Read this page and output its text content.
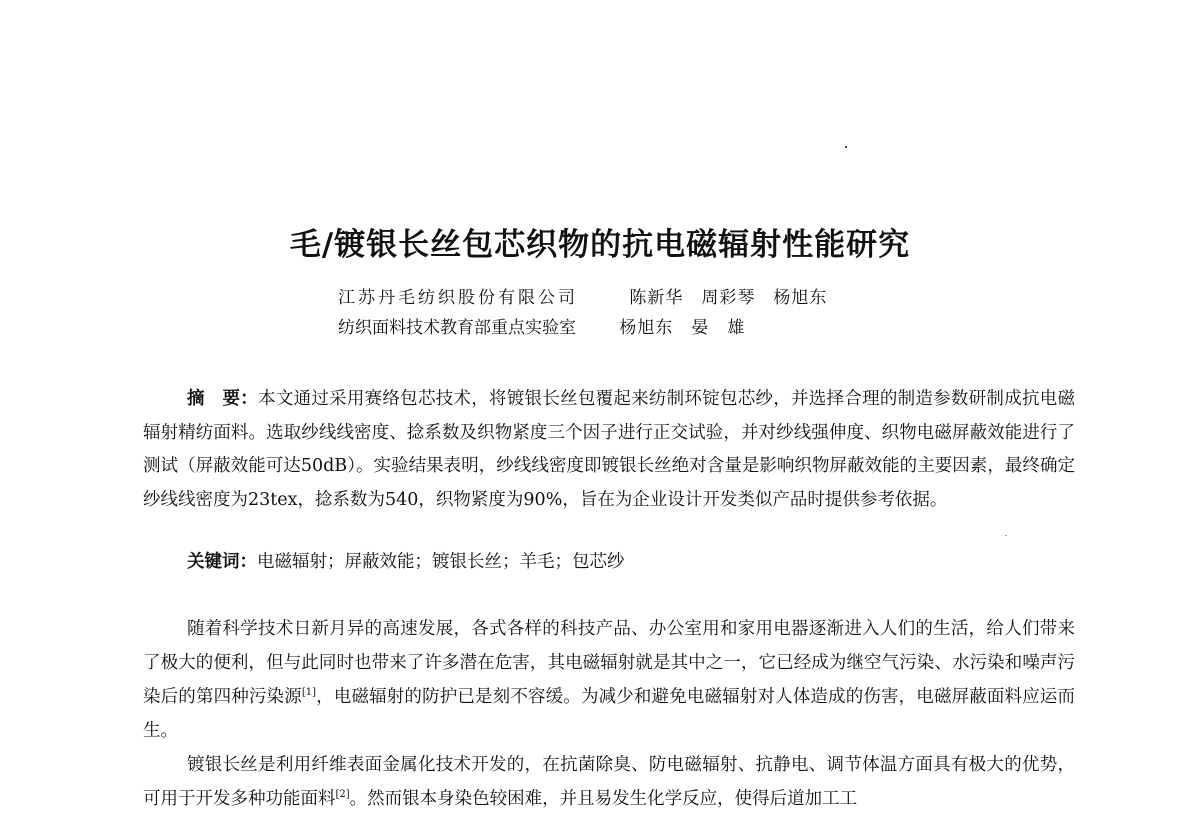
毛/镀银长丝包芯织物的抗电磁辐射性能研究
江苏丹毛纺织股份有限公司	陈新华　周彩琴　杨旭东
纺织面料技术教育部重点实验室	杨旭东　晏　雄
摘　要：本文通过采用赛络包芯技术，将镀银长丝包覆起来纺制环锭包芯纱，并选择合理的制造参数研制成抗电磁辐射精纺面料。选取纱线线密度、捻系数及织物紧度三个因子进行正交试验，并对纱线强伸度、织物电磁屏蔽效能进行了测试（屏蔽效能可达50dB）。实验结果表明，纱线线密度即镀银长丝绝对含量是影响织物屏蔽效能的主要因素，最终确定纱线线密度为23tex，捻系数为540，织物紧度为90%，旨在为企业设计开发类似产品时提供参考依据。
关键词：电磁辐射；屏蔽效能；镀银长丝；羊毛；包芯纱

随着科学技术日新月异的高速发展，各式各样的科技产品、办公室用和家用电器逐渐进入人们的生活，给人们带来了极大的便利，但与此同时也带来了许多潜在危害，其电磁辐射就是其中之一，它已经成为继空气污染、水污染和噪声污染后的第四种污染源[1]，电磁辐射的防护已是刻不容缓。为减少和避免电磁辐射对人体造成的伤害，电磁屏蔽面料应运而生。

镀银长丝是利用纤维表面金属化技术开发的，在抗菌除臭、防电磁辐射、抗静电、调节体温方面具有极大的优势，可用于开发多种功能面料[2]。然而银本身染色较困难，并且易发生化学反应，使得后道加工工
